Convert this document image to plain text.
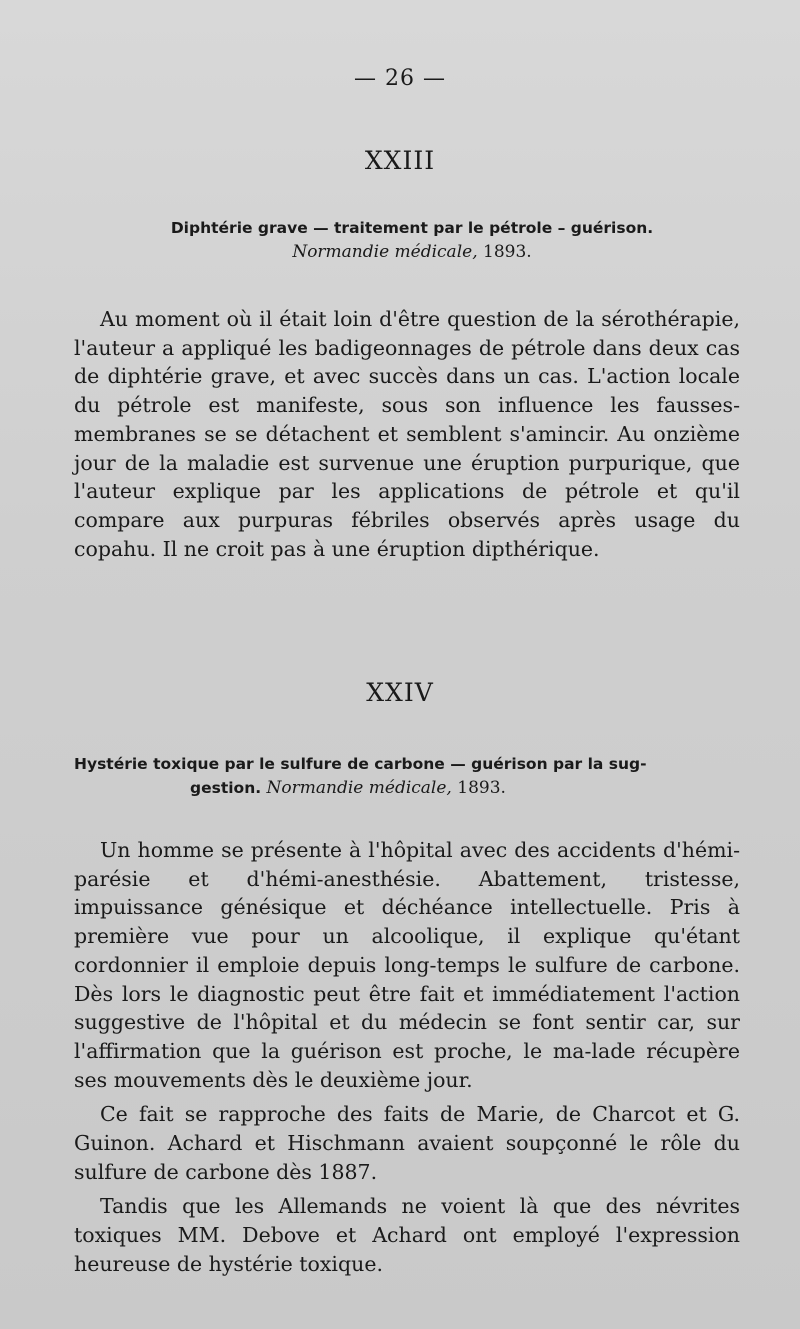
— 26 —
XXIII
Diphtérie grave — traitement par le pétrole – guérison.
Normandie médicale, 1893.

Au moment où il était loin d'être question de la sérothérapie, l'auteur a appliqué les badigeonnages de pétrole dans deux cas de diphtérie grave, et avec succès dans un cas. L'action locale du pétrole est manifeste, sous son influence les fausses-membranes se se détachent et semblent s'amincir. Au onzième jour de la maladie est survenue une éruption purpurique, que l'auteur explique par les applications de pétrole et qu'il compare aux purpuras fébriles observés après usage du copahu. Il ne croit pas à une éruption dipthérique.

XXIV
Hystérie toxique par le sulfure de carbone — guérison par la sug-
gestion. Normandie médicale, 1893.

Un homme se présente à l'hôpital avec des accidents d'hémi-parésie et d'hémi-anesthésie. Abattement, tristesse, impuissance génésique et déchéance intellectuelle. Pris à première vue pour un alcoolique, il explique qu'étant cordonnier il emploie depuis long-temps le sulfure de carbone. Dès lors le diagnostic peut être fait et immédiatement l'action suggestive de l'hôpital et du médecin se font sentir car, sur l'affirmation que la guérison est proche, le ma-lade récupère ses mouvements dès le deuxième jour.

Ce fait se rapproche des faits de Marie, de Charcot et G. Guinon. Achard et Hischmann avaient soupçonné le rôle du sulfure de carbone dès 1887.

Tandis que les Allemands ne voient là que des névrites toxiques MM. Debove et Achard ont employé l'expression heureuse de hystérie toxique.
